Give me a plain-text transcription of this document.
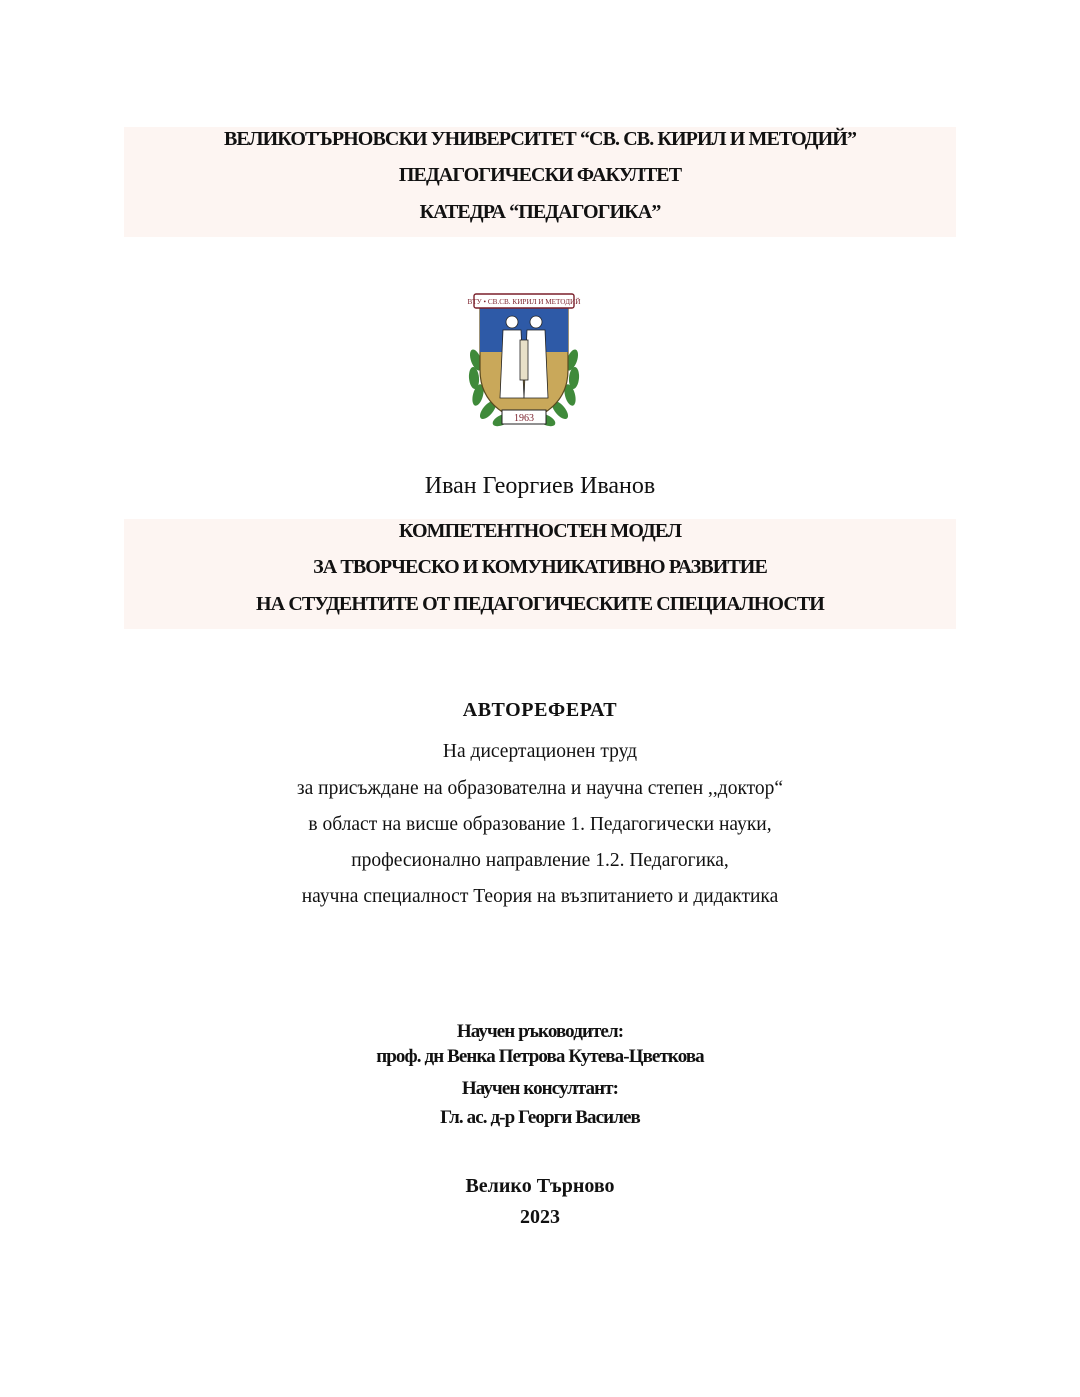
ВЕЛИКОТЪРНОВСКИ УНИВЕРСИТЕТ “СВ. СВ. КИРИЛ И МЕТОДИЙ”
ПЕДАГОГИЧЕСКИ ФАКУЛТЕТ
КАТЕДРА “ПЕДАГОГИКА”
ВТУ • СВ.СВ. КИРИЛ И МЕТОДИЙ
1963
Иван Георгиев Иванов
КОМПЕТЕНТНОСТЕН МОДЕЛ
ЗА ТВОРЧЕСКО И КОМУНИКАТИВНО РАЗВИТИЕ
НА СТУДЕНТИТЕ ОТ ПЕДАГОГИЧЕСКИТЕ СПЕЦИАЛНОСТИ
АВТОРЕФЕРАТ
На дисертационен труд
за присъждане на образователна и научна степен ,,доктор“
в област на висше образование 1. Педагогически науки,
професионално направление 1.2. Педагогика,
научна специалност Теория на възпитанието и дидактика
Научен ръководител:
проф. дн Венка Петрова Кутева-Цветкова
Научен консултант:
Гл. ас. д-р Георги Василев
Велико Търново
2023
